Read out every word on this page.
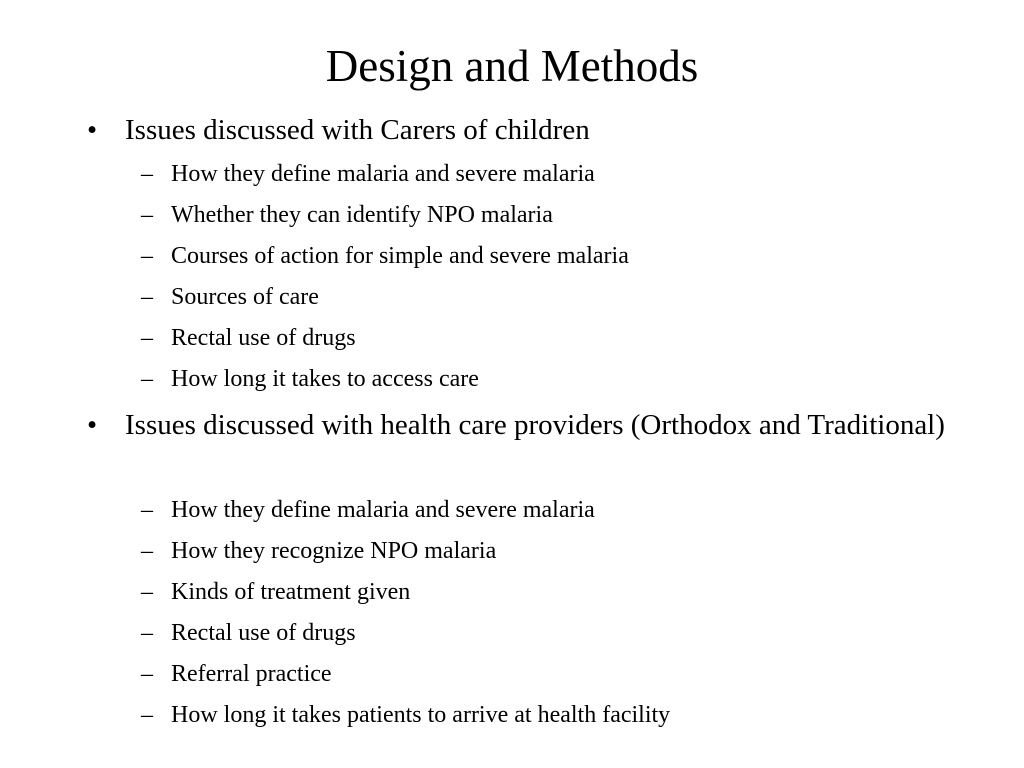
Design and Methods
• Issues discussed with Carers of children
– How they define malaria and severe malaria
– Whether they can identify NPO malaria
– Courses of action for simple and severe malaria
– Sources of care
– Rectal use of drugs
– How long it takes to access care
• Issues discussed with health care providers (Orthodox and Traditional)
– How they define malaria and severe malaria
– How they recognize NPO malaria
– Kinds of treatment given
– Rectal use of drugs
– Referral practice
– How long it takes patients to arrive at health facility
